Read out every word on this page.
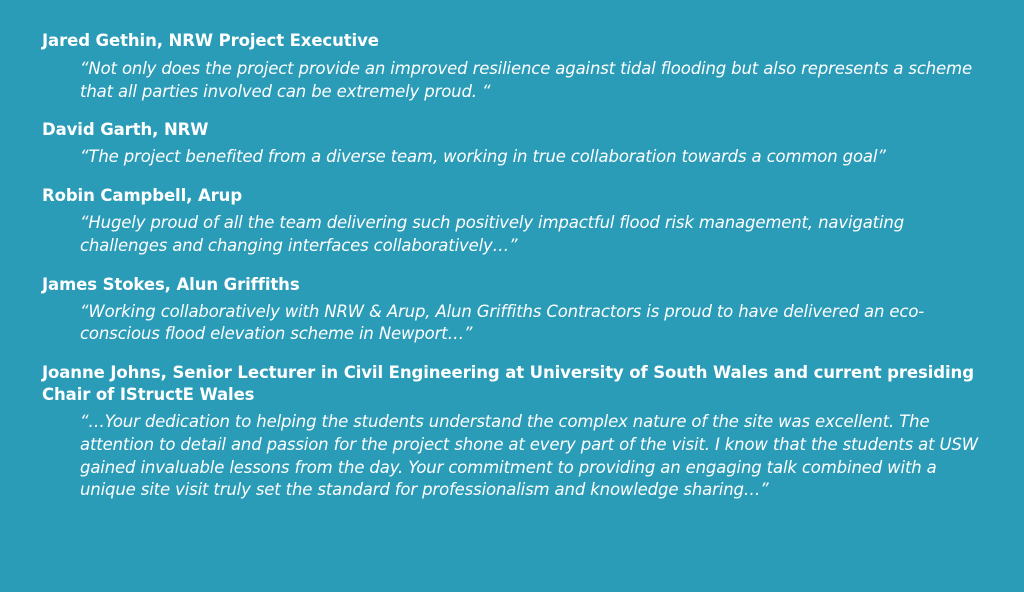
Jared Gethin, NRW Project Executive
“Not only does the project provide an improved resilience against tidal flooding but also represents a scheme that all parties involved can be extremely proud. “
David Garth, NRW
“The project benefited from a diverse team, working in true collaboration towards a common goal”
Robin Campbell, Arup
“Hugely proud of all the team delivering such positively impactful flood risk management, navigating challenges and changing interfaces collaboratively…”
James Stokes, Alun Griffiths
“Working collaboratively with NRW & Arup, Alun Griffiths Contractors is proud to have delivered an eco-conscious flood elevation scheme in Newport…”
Joanne Johns, Senior Lecturer in Civil Engineering at University of South Wales and current presiding Chair of IStructE Wales
“…Your dedication to helping the students understand the complex nature of the site was excellent. The attention to detail and passion for the project shone at every part of the visit. I know that the students at USW gained invaluable lessons from the day. Your commitment to providing an engaging talk combined with a unique site visit truly set the standard for professionalism and knowledge sharing…”
